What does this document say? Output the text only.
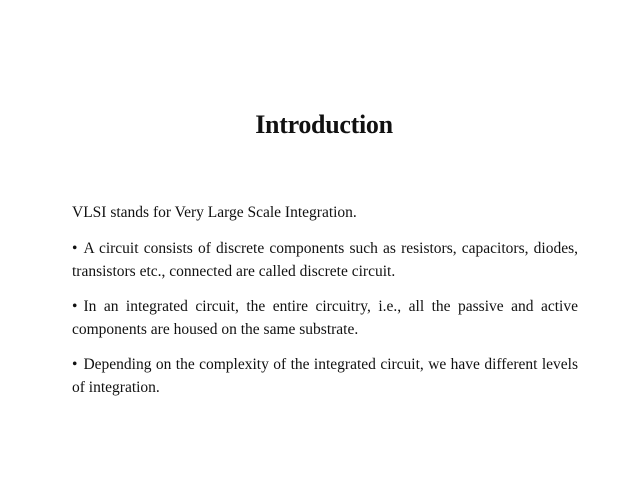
Introduction

VLSI stands for Very Large Scale Integration.

• A circuit consists of discrete components such as resistors, capacitors, diodes, transistors etc., connected are called discrete circuit.

• In an integrated circuit, the entire circuitry, i.e., all the passive and active components are housed on the same substrate.

• Depending on the complexity of the integrated circuit, we have different levels of integration.
